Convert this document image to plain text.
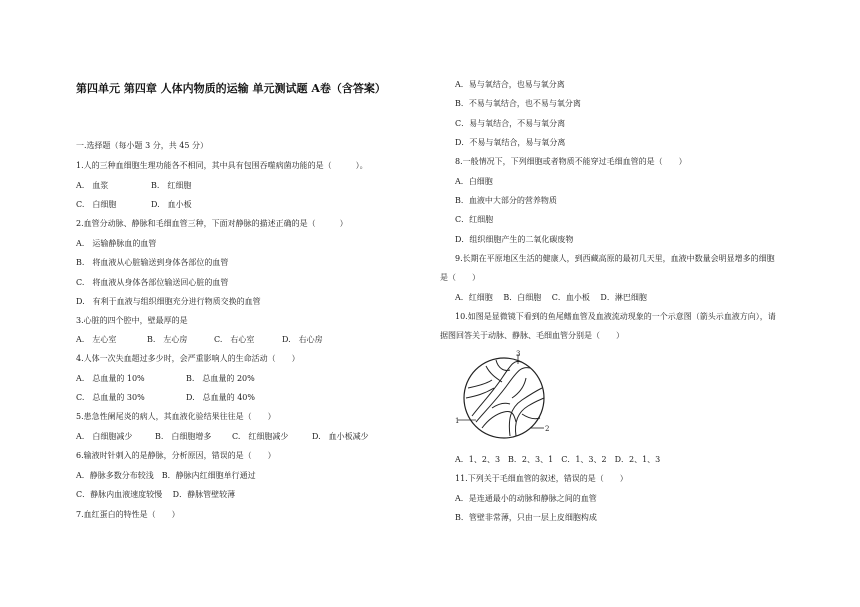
第四单元 第四章 人体内物质的运输 单元测试题 A卷（含答案）
一.选择题（每小题 3 分，共 45 分）
1.人的三种血细胞生理功能各不相同，其中具有包围吞噬病菌功能的是（　　　）。
A.　血浆	B.　红细胞
C.　白细胞	D.　血小板
2.血管分动脉、静脉和毛细血管三种，下面对静脉的描述正确的是（　　　）
A.　运输静脉血的血管
B.　将血液从心脏输送到身体各部位的血管
C.　将血液从身体各部位输送回心脏的血管
D.　有利于血液与组织细胞充分进行物质交换的血管
3.心脏的四个腔中，壁最厚的是
A.　左心室	B.　左心房	C.　右心室	D.　右心房
4.人体一次失血超过多少时，会严重影响人的生命活动（　　）
A.　总血量的 10%	B.　总血量的 20%
C.　总血量的 30%	D.　总血量的 40%
5.患急性阑尾炎的病人，其血液化验结果往往是（　　）
A.　白细胞减少	B.　白细胞增多	C.　红细胞减少	D.　血小板减少
6.输液时针刺入的是静脉，分析原因，错误的是（　　）
A．静脉多数分布较浅　B．静脉内红细胞单行通过
C．静脉内血液速度较慢　 D．静脉管壁较薄
7.血红蛋白的特性是（　　）
A．易与氧结合，也易与氧分离
B．不易与氧结合，也不易与氧分离
C．易与氧结合，不易与氧分离
D．不易与氧结合，易与氧分离
8.一般情况下，下列细胞或者物质不能穿过毛细血管的是（　　）
A．白细胞
B．血液中大部分的营养物质
C．红细胞
D．组织细胞产生的二氧化碳废物
9.长期在平原地区生活的健康人，到西藏高原的最初几天里，血液中数量会明显增多的细胞
是（　　）
A．红细胞　 B．白细胞　 C．血小板　 D．淋巴细胞
10.如图是显微镜下看到的鱼尾鳍血管及血液流动现象的一个示意图（箭头示血液方向），请
据图回答关于动脉、静脉、毛细血管分别是（　　）
1
2
3
A．1、2、3　B．2、3、1　C．1、3、2　D．2、1、3
11.下列关于毛细血管的叙述，错误的是（　　）
A．是连通最小的动脉和静脉之间的血管
B．管壁非常薄，只由一层上皮细胞构成
